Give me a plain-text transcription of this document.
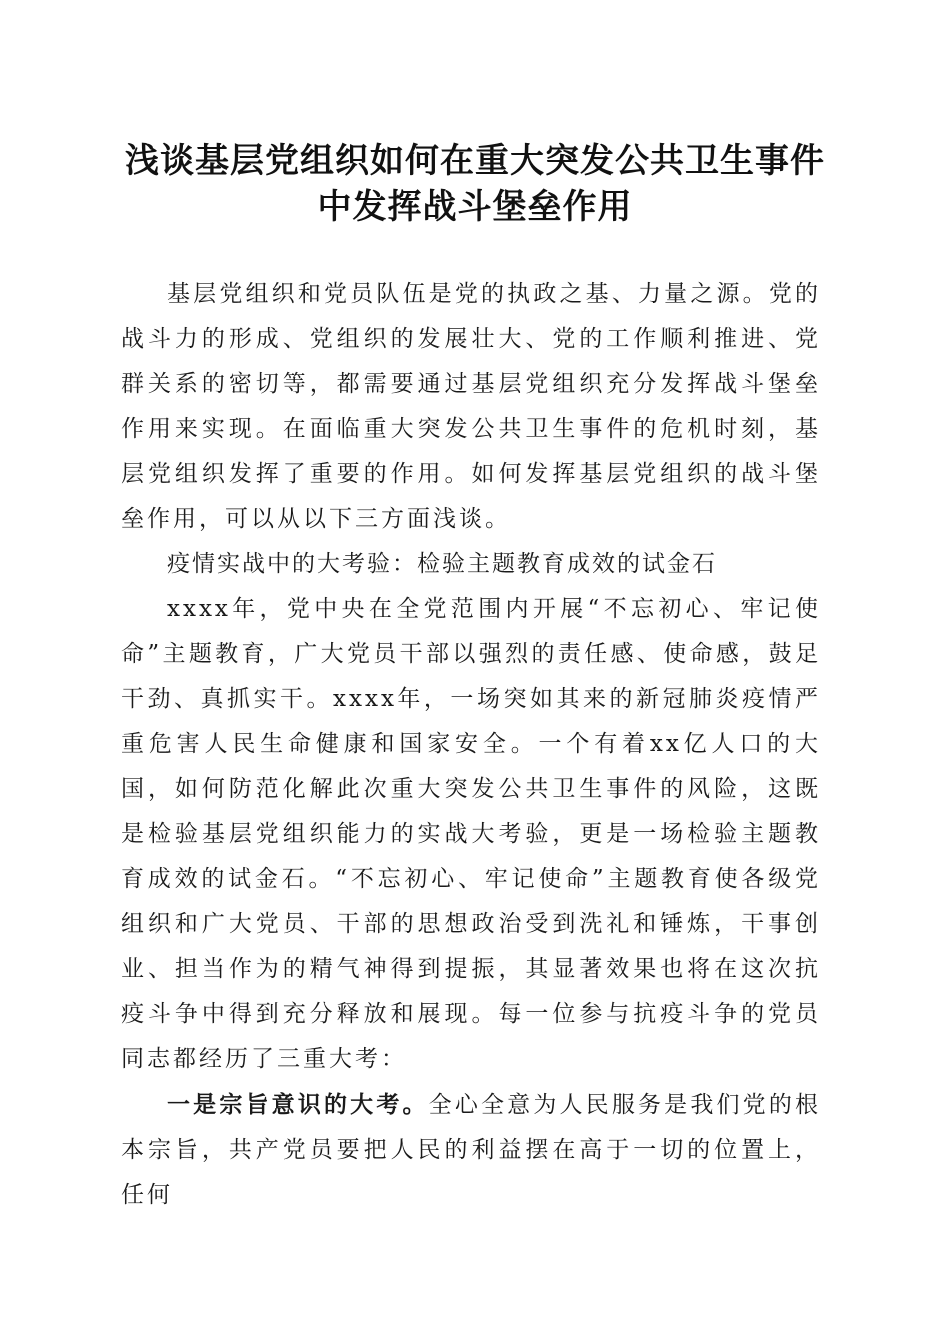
浅谈基层党组织如何在重大突发公共卫生事件
中发挥战斗堡垒作用

基层党组织和党员队伍是党的执政之基、力量之源。党的战斗力的形成、党组织的发展壮大、党的工作顺利推进、党群关系的密切等，都需要通过基层党组织充分发挥战斗堡垒作用来实现。在面临重大突发公共卫生事件的危机时刻，基层党组织发挥了重要的作用。如何发挥基层党组织的战斗堡垒作用，可以从以下三方面浅谈。

疫情实战中的大考验：检验主题教育成效的试金石

xxxx年，党中央在全党范围内开展“不忘初心、牢记使命”主题教育，广大党员干部以强烈的责任感、使命感，鼓足干劲、真抓实干。xxxx年，一场突如其来的新冠肺炎疫情严重危害人民生命健康和国家安全。一个有着xx亿人口的大国，如何防范化解此次重大突发公共卫生事件的风险，这既是检验基层党组织能力的实战大考验，更是一场检验主题教育成效的试金石。“不忘初心、牢记使命”主题教育使各级党组织和广大党员、干部的思想政治受到洗礼和锤炼，干事创业、担当作为的精气神得到提振，其显著效果也将在这次抗疫斗争中得到充分释放和展现。每一位参与抗疫斗争的党员同志都经历了三重大考：

一是宗旨意识的大考。全心全意为人民服务是我们党的根本宗旨，共产党员要把人民的利益摆在高于一切的位置上，任何
